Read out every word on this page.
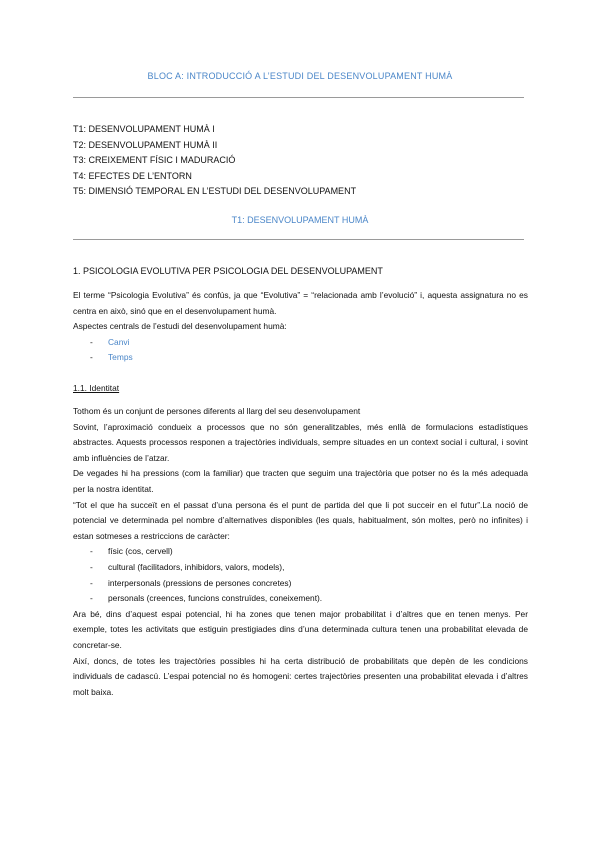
BLOC A: INTRODUCCIÓ A L’ESTUDI DEL DESENVOLUPAMENT HUMÀ
T1: DESENVOLUPAMENT HUMÀ I
T2: DESENVOLUPAMENT HUMÀ II
T3: CREIXEMENT FÍSIC I MADURACIÓ
T4: EFECTES DE L’ENTORN
T5: DIMENSIÓ TEMPORAL EN L’ESTUDI DEL DESENVOLUPAMENT
T1: DESENVOLUPAMENT HUMÀ
1. PSICOLOGIA EVOLUTIVA PER PSICOLOGIA DEL DESENVOLUPAMENT

El terme “Psicologia Evolutiva” és confús, ja que “Evolutiva” = “relacionada amb l’evolució” i, aquesta assignatura no es centra en això, sinó que en el desenvolupament humà.

Aspectes centrals de l’estudi del desenvolupament humà:

- Canvi
- Temps
1.1. Identitat

Tothom és un conjunt de persones diferents al llarg del seu desenvolupament

Sovint, l’aproximació condueix a processos que no són generalitzables, més enllà de formulacions estadístiques abstractes. Aquests processos responen a trajectòries individuals, sempre situades en un context social i cultural, i sovint amb influències de l’atzar.

De vegades hi ha pressions (com la familiar) que tracten que seguim una trajectòria que potser no és la més adequada per la nostra identitat.

“Tot el que ha succeït en el passat d’una persona és el punt de partida del que li pot succeir en el futur”.La noció de potencial ve determinada pel nombre d’alternatives disponibles (les quals, habitualment, són moltes, però no infinites) i estan sotmeses a restriccions de caràcter:

- físic (cos, cervell)
- cultural (facilitadors, inhibidors, valors, models),
- interpersonals (pressions de persones concretes)
- personals (creences, funcions construïdes, coneixement).

Ara bé, dins d’aquest espai potencial, hi ha zones que tenen major probabilitat i d’altres que en tenen menys. Per exemple, totes les activitats que estiguin prestigiades dins d’una determinada cultura tenen una probabilitat elevada de concretar-se.

Així, doncs, de totes les trajectòries possibles hi ha certa distribució de probabilitats que depèn de les condicions individuals de cadascú. L’espai potencial no és homogeni: certes trajectòries presenten una probabilitat elevada i d’altres molt baixa.
